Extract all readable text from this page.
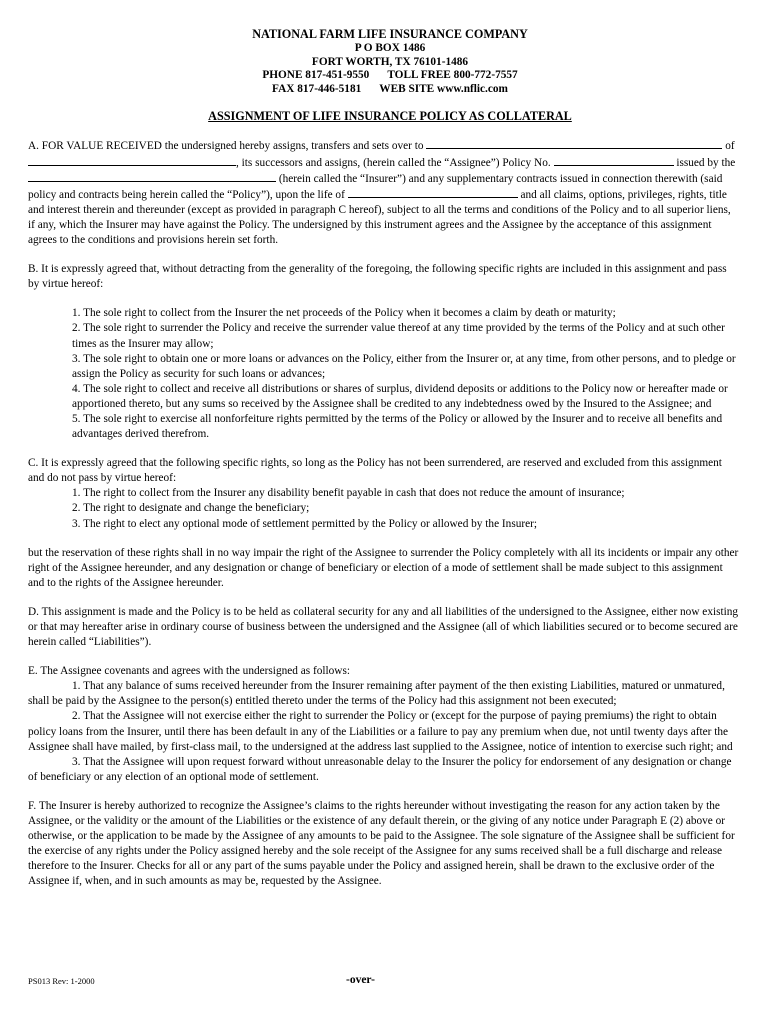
NATIONAL FARM LIFE INSURANCE COMPANY
P O BOX 1486
FORT WORTH, TX 76101-1486
PHONE 817-451-9550 TOLL FREE 800-772-7557
FAX 817-446-5181 WEB SITE www.nflic.com
ASSIGNMENT OF LIFE INSURANCE POLICY AS COLLATERAL

A. FOR VALUE RECEIVED the undersigned hereby assigns, transfers and sets over to	of , its successors and assigns, (herein called the “Assignee”) Policy No.	issued by the  (herein called the “Insurer”) and any supplementary contracts issued in connection therewith (said policy and contracts being herein called the “Policy”), upon the life of	and all claims, options, privileges, rights, title and interest therein and thereunder (except as provided in paragraph C hereof), subject to all the terms and conditions of the Policy and to all superior liens, if any, which the Insurer may have against the Policy. The undersigned by this instrument agrees and the Assignee by the acceptance of this assignment agrees to the conditions and provisions herein set forth.

B. It is expressly agreed that, without detracting from the generality of the foregoing, the following specific rights are included in this assignment and pass by virtue hereof:

1. The sole right to collect from the Insurer the net proceeds of the Policy when it becomes a claim by death or maturity;

2. The sole right to surrender the Policy and receive the surrender value thereof at any time provided by the terms of the Policy and at such other times as the Insurer may allow;

3. The sole right to obtain one or more loans or advances on the Policy, either from the Insurer or, at any time, from other persons, and to pledge or assign the Policy as security for such loans or advances;

4. The sole right to collect and receive all distributions or shares of surplus, dividend deposits or additions to the Policy now or hereafter made or apportioned thereto, but any sums so received by the Assignee shall be credited to any indebtedness owed by the Insured to the Assignee; and

5. The sole right to exercise all nonforfeiture rights permitted by the terms of the Policy or allowed by the Insurer and to receive all benefits and advantages derived therefrom.

C. It is expressly agreed that the following specific rights, so long as the Policy has not been surrendered, are reserved and excluded from this assignment and do not pass by virtue hereof:

1. The right to collect from the Insurer any disability benefit payable in cash that does not reduce the amount of insurance;

2. The right to designate and change the beneficiary;

3. The right to elect any optional mode of settlement permitted by the Policy or allowed by the Insurer;

but the reservation of these rights shall in no way impair the right of the Assignee to surrender the Policy completely with all its incidents or impair any other right of the Assignee hereunder, and any designation or change of beneficiary or election of a mode of settlement shall be made subject to this assignment and to the rights of the Assignee hereunder.

D. This assignment is made and the Policy is to be held as collateral security for any and all liabilities of the undersigned to the Assignee, either now existing or that may hereafter arise in ordinary course of business between the undersigned and the Assignee (all of which liabilities secured or to become secured are herein called “Liabilities”).

E. The Assignee covenants and agrees with the undersigned as follows:

1. That any balance of sums received hereunder from the Insurer remaining after payment of the then existing Liabilities, matured or unmatured, shall be paid by the Assignee to the person(s) entitled thereto under the terms of the Policy had this assignment not been executed;

2. That the Assignee will not exercise either the right to surrender the Policy or (except for the purpose of paying premiums) the right to obtain policy loans from the Insurer, until there has been default in any of the Liabilities or a failure to pay any premium when due, not until twenty days after the Assignee shall have mailed, by first-class mail, to the undersigned at the address last supplied to the Assignee, notice of intention to exercise such right; and

3. That the Assignee will upon request forward without unreasonable delay to the Insurer the policy for endorsement of any designation or change of beneficiary or any election of an optional mode of settlement.

F. The Insurer is hereby authorized to recognize the Assignee’s claims to the rights hereunder without investigating the reason for any action taken by the Assignee, or the validity or the amount of the Liabilities or the existence of any default therein, or the giving of any notice under Paragraph E (2) above or otherwise, or the application to be made by the Assignee of any amounts to be paid to the Assignee. The sole signature of the Assignee shall be sufficient for the exercise of any rights under the Policy assigned hereby and the sole receipt of the Assignee for any sums received shall be a full discharge and release therefore to the Insurer. Checks for all or any part of the sums payable under the Policy and assigned herein, shall be drawn to the exclusive order of the Assignee if, when, and in such amounts as may be, requested by the Assignee.

PS013 Rev: 1-2000	-over-
